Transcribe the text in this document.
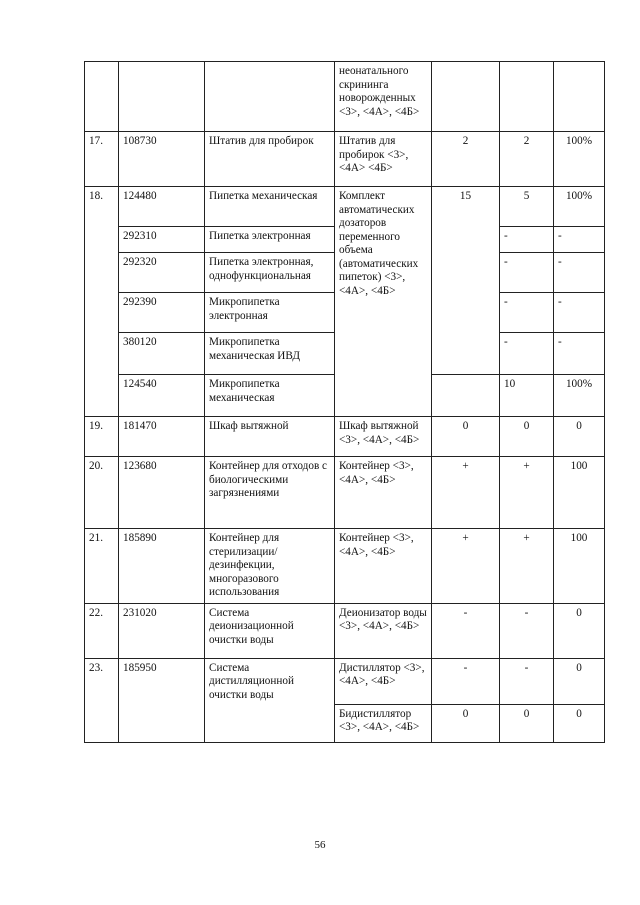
			неонатального скрининга новорожденных <3>, <4А>, <4Б>			
17.	108730	Штатив для пробирок	Штатив для пробирок <3>, <4А> <4Б>	2	2	100%
18.	124480	Пипетка механическая	Комплект автоматических дозаторов переменного объема (автоматических пипеток) <3>, <4А>, <4Б>	15	5	100%
	292310	Пипетка электронная			-	-
	292320	Пипетка электронная, однофункциональная			-	-
	292390	Микропипетка электронная			-	-
	380120	Микропипетка механическая ИВД			-	-
	124540	Микропипетка механическая			10	100%
19.	181470	Шкаф вытяжной	Шкаф вытяжной <3>, <4А>, <4Б>	0	0	0
20.	123680	Контейнер для отходов с биологическими загрязнениями	Контейнер <3>, <4А>, <4Б>	+	+	100
21.	185890	Контейнер для стерилизации/дезинфекции, многоразового использования	Контейнер <3>, <4А>, <4Б>	+	+	100
22.	231020	Система деионизационной очистки воды	Деионизатор воды <3>, <4А>, <4Б>	-	-	0
23.	185950	Система дистилляционной очистки воды	Дистиллятор <3>, <4А>, <4Б>	-	-	0
			Бидистиллятор <3>, <4А>, <4Б>	0	0	0
56
